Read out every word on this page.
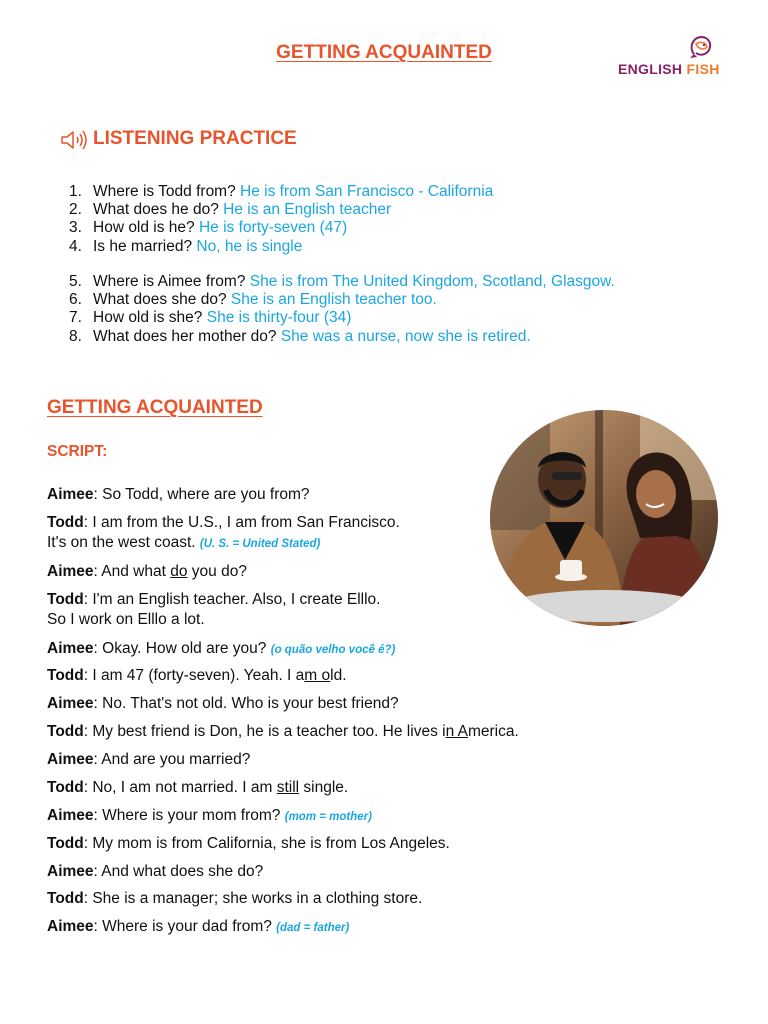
GETTING ACQUAINTED
ENGLISH FISH
LISTENING PRACTICE
1. Where is Todd from? He is from San Francisco - California
2. What does he do? He is an English teacher
3. How old is he? He is forty-seven (47)
4. Is he married? No, he is single
5. Where is Aimee from? She is from The United Kingdom, Scotland, Glasgow.
6. What does she do? She is an English teacher too.
7. How old is she? She is thirty-four (34)
8. What does her mother do? She was a nurse, now she is retired.
GETTING ACQUAINTED
SCRIPT:
Aimee: So Todd, where are you from?
Todd: I am from the U.S., I am from San Francisco.
It's on the west coast. (U. S. = United Stated)
Aimee: And what do you do?
Todd: I'm an English teacher. Also, I create Elllo.
So I work on Elllo a lot.
Aimee: Okay. How old are you? (o quão velho você é?)
Todd: I am 47 (forty-seven). Yeah. I am old.
Aimee: No. That's not old. Who is your best friend?
Todd: My best friend is Don, he is a teacher too. He lives in America.
Aimee: And are you married?
Todd: No, I am not married. I am still single.
Aimee: Where is your mom from? (mom = mother)
Todd: My mom is from California, she is from Los Angeles.
Aimee: And what does she do?
Todd: She is a manager; she works in a clothing store.
Aimee: Where is your dad from? (dad = father)
